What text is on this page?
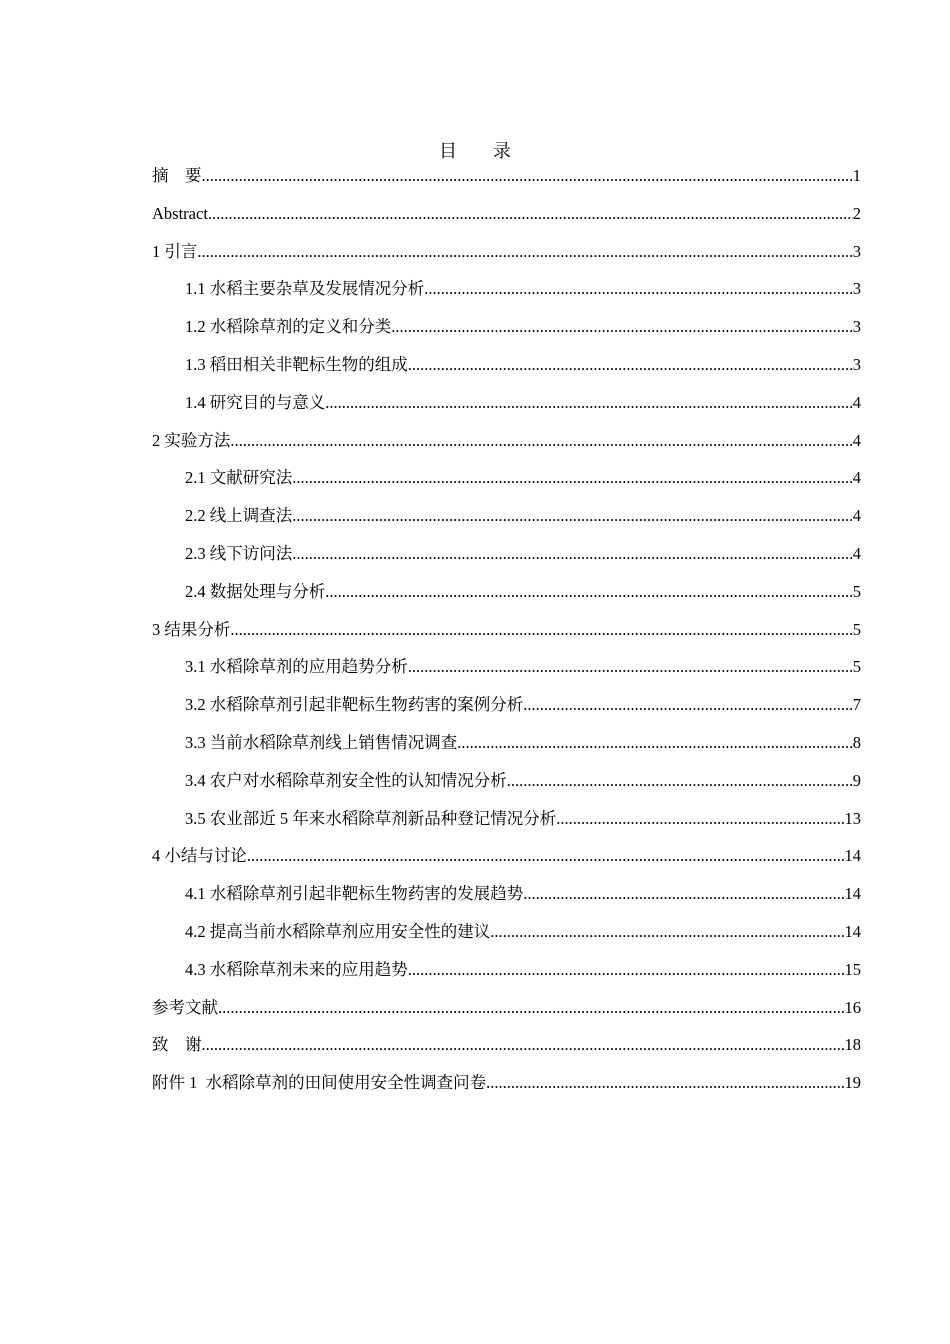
目　　录
摘　要 .....	1
Abstract .....	2
1 引言 .....	3
1.1 水稻主要杂草及发展情况分析 .....	3
1.2 水稻除草剂的定义和分类 .....	3
1.3 稻田相关非靶标生物的组成 .....	3
1.4 研究目的与意义 .....	4
2 实验方法 .....	4
2.1 文献研究法 .....	4
2.2 线上调查法 .....	4
2.3 线下访问法 .....	4
2.4 数据处理与分析 .....	5
3 结果分析 .....	5
3.1 水稻除草剂的应用趋势分析 .....	5
3.2 水稻除草剂引起非靶标生物药害的案例分析 .....	7
3.3 当前水稻除草剂线上销售情况调查 .....	8
3.4 农户对水稻除草剂安全性的认知情况分析 .....	9
3.5 农业部近 5 年来水稻除草剂新品种登记情况分析 .....	13
4 小结与讨论 .....	14
4.1 水稻除草剂引起非靶标生物药害的发展趋势 .....	14
4.2 提高当前水稻除草剂应用安全性的建议 .....	14
4.3 水稻除草剂未来的应用趋势 .....	15
参考文献 .....	16
致　谢 .....	18
附件 1  水稻除草剂的田间使用安全性调查问卷 .....	19
